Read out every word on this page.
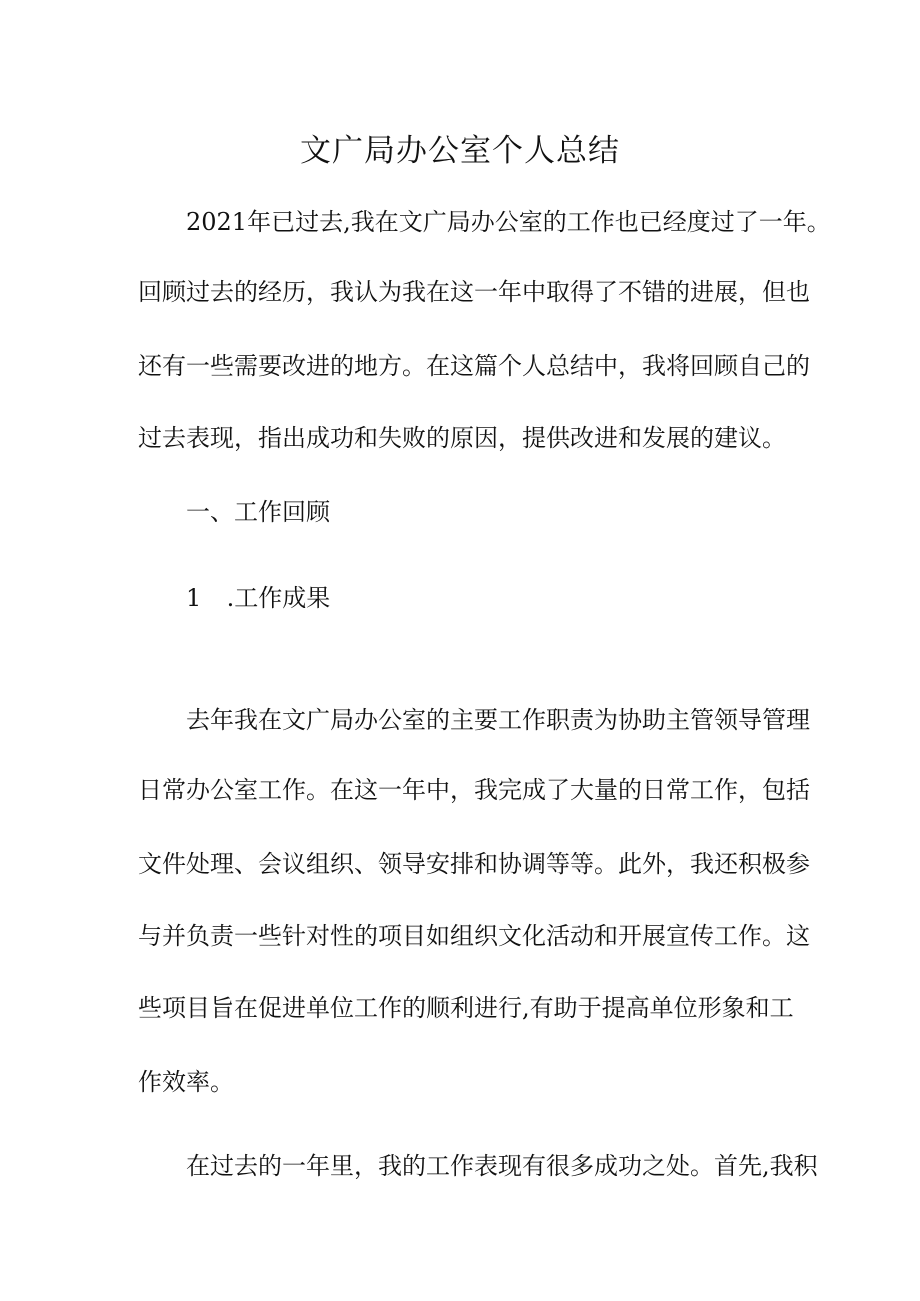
文广局办公室个人总结
2021年已过去,我在文广局办公室的工作也已经度过了一年。
回顾过去的经历，我认为我在这一年中取得了不错的进展，但也
还有一些需要改进的地方。在这篇个人总结中，我将回顾自己的
过去表现，指出成功和失败的原因，提供改进和发展的建议。
一、工作回顾
1 .工作成果
去年我在文广局办公室的主要工作职责为协助主管领导管理
日常办公室工作。在这一年中，我完成了大量的日常工作，包括
文件处理、会议组织、领导安排和协调等等。此外，我还积极参
与并负责一些针对性的项目如组织文化活动和开展宣传工作。这
些项目旨在促进单位工作的顺利进行,有助于提高单位形象和工
作效率。
在过去的一年里，我的工作表现有很多成功之处。首先,我积
